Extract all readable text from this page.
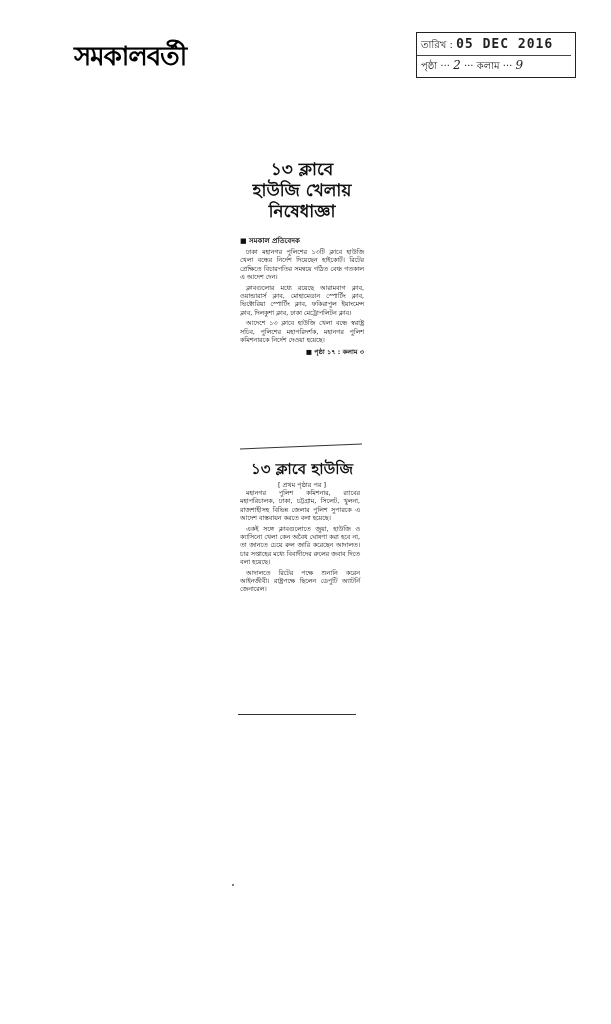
সমকালবর্তী	তারিখ : 05 DEC 2016
পৃষ্ঠা ··· 2 ··· কলাম ··· 9
১৩ ক্লাবে
হাউজি খেলায়
নিষেধাজ্ঞা
■ সমকাল প্রতিবেদক

ঢাকা মহানগর পুলিশের ১৩টি ক্লাবে হাউজি খেলা বন্ধের নির্দেশ দিয়েছেন হাইকোর্ট। রিটের প্রেক্ষিতে বিচারপতির সমন্বয়ে গঠিত বেঞ্চ গতকাল এ আদেশ দেন।

ক্লাবগুলোর মধ্যে রয়েছে আরামবাগ ক্লাব, ওয়ান্ডারার্স ক্লাব, মোহামেডান স্পোর্টিং ক্লাব, ভিক্টোরিয়া স্পোর্টিং ক্লাব, ফকিরাপুল ইয়াংমেন্স ক্লাব, দিলকুশা ক্লাব, ঢাকা মেট্রোপলিটন ক্লাব।

আদেশে ১৩ ক্লাবে হাউজি খেলা বন্ধে স্বরাষ্ট্র সচিব, পুলিশের মহাপরিদর্শক, মহানগর পুলিশ কমিশনারকে নির্দেশ দেওয়া হয়েছে।

■ পৃষ্ঠা ১৭ : কলাম ৩
১৩ ক্লাবে হাউজি
[ প্রথম পৃষ্ঠার পর ]

মহানগর পুলিশ কমিশনার, র‍্যাবের মহাপরিচালক, ঢাকা, চট্টগ্রাম, সিলেট, খুলনা, রাজশাহীসহ বিভিন্ন জেলার পুলিশ সুপারকে এ আদেশ বাস্তবায়ন করতে বলা হয়েছে।

একই সঙ্গে ক্লাবগুলোতে জুয়া, হাউজি ও ক্যাসিনো খেলা কেন অবৈধ ঘোষণা করা হবে না, তা জানতে চেয়ে রুল জারি করেছেন আদালত। চার সপ্তাহের মধ্যে বিবাদীদের রুলের জবাব দিতে বলা হয়েছে।

আদালতে রিটের পক্ষে শুনানি করেন আইনজীবী। রাষ্ট্রপক্ষে ছিলেন ডেপুটি অ্যাটর্নি জেনারেল।
